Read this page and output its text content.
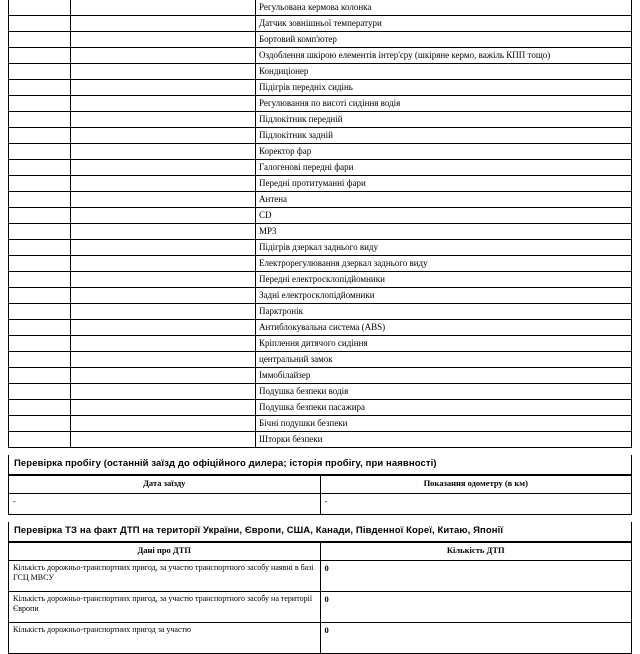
		Регульована кермова колонка
		Датчик зовнішньої температури
		Бортовий комп'ютер
		Оздоблення шкірою елементів інтер'єру (шкіряне кермо, важіль КПП тощо)
		Кондиціонер
		Підігрів передніх сидінь
		Регулювання по висоті сидіння водія
		Підлокітник передній
		Підлокітник задній
		Коректор фар
		Галогенові передні фари
		Передні протитуманні фари
		Антена
		CD
		MP3
		Підігрів дзеркал заднього виду
		Електрорегулювання дзеркал заднього виду
		Передні електросклопідйомники
		Задні електросклопідйомники
		Парктронік
		Антиблокувальна система (ABS)
		Кріплення дитячого сидіння
		центральний замок
		Іммобілайзер
		Подушка безпеки водія
		Подушка безпеки пасажира
		Бічні подушки безпеки
		Шторки безпеки
Перевірка пробігу (останній заїзд до офіційного дилера; історія пробігу, при наявності)
Дата заїзду	Показання одометру (в км)
-	-
Перевірка ТЗ на факт ДТП на території України, Європи, США, Канади, Південної Кореї, Китаю, Японії
Дані про ДТП	Кількість ДТП
Кількість дорожньо-транспортних пригод, за участю транспортного засобу наявні в базі ГСЦ МВСУ	0
Кількість дорожньо-транспортних пригод, за участю транспортного засобу на території Європи	0
Кількість дорожньо-транспортних пригод за участю	0
